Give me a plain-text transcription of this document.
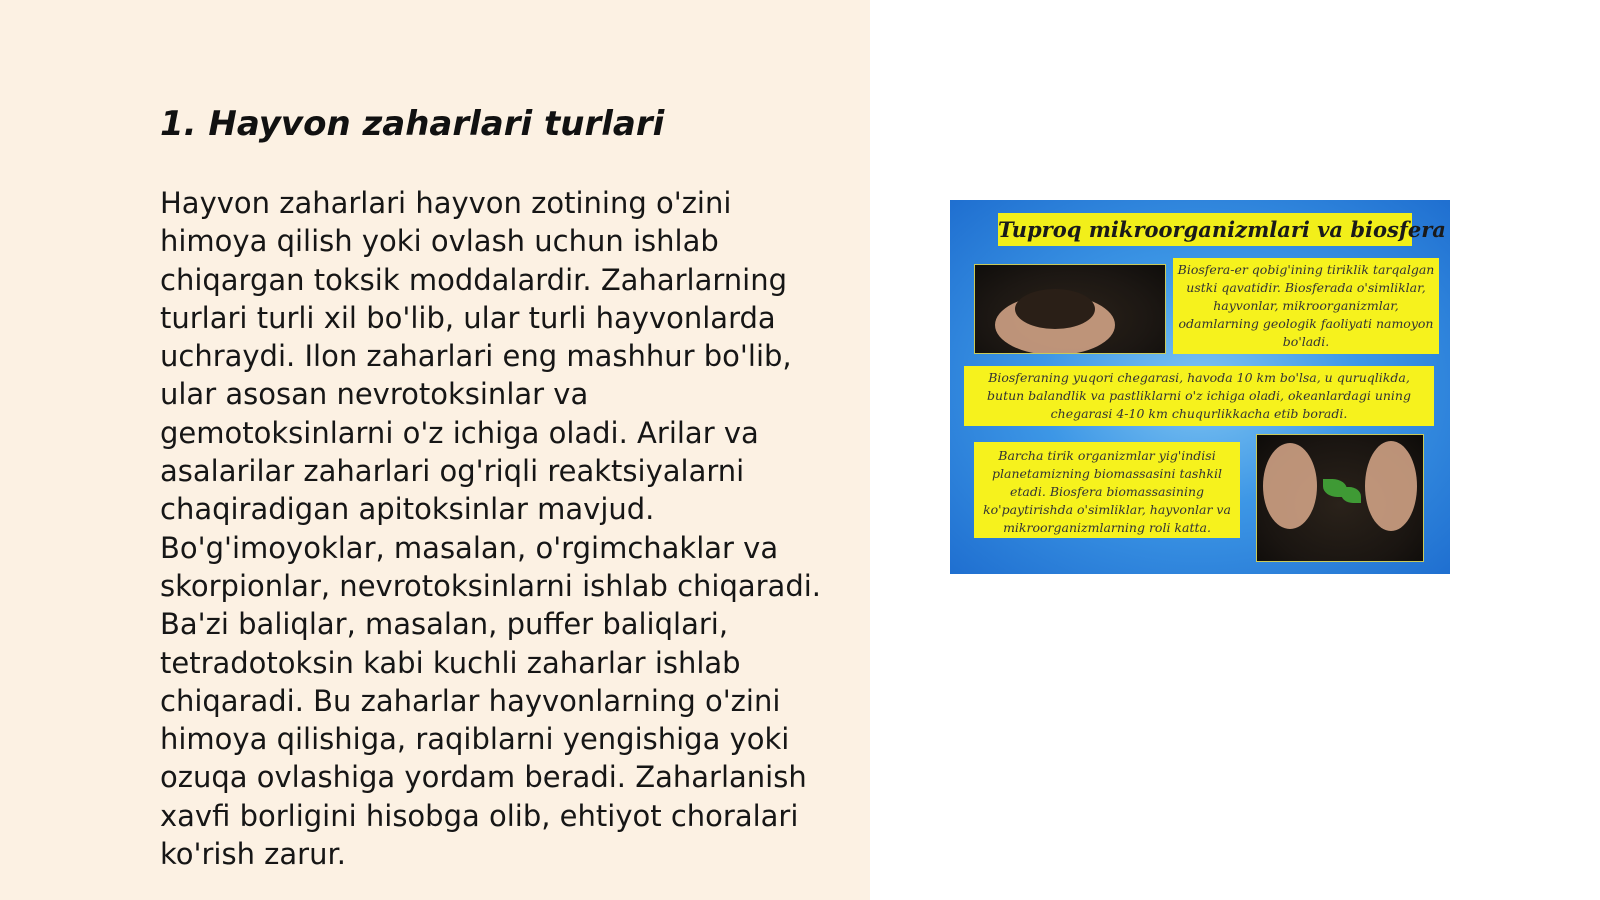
1. Hayvon zaharlari turlari

Hayvon zaharlari hayvon zotining o'zini himoya qilish yoki ovlash uchun ishlab chiqargan toksik moddalardir. Zaharlarning turlari turli xil bo'lib, ular turli hayvonlarda uchraydi. Ilon zaharlari eng mashhur bo'lib, ular asosan nevrotoksinlar va gemotoksinlarni o'z ichiga oladi. Arilar va asalarilar zaharlari og'riqli reaktsiyalarni chaqiradigan apitoksinlar mavjud. Bo'g'imoyoklar, masalan, o'rgimchaklar va skorpionlar, nevrotoksinlarni ishlab chiqaradi. Ba'zi baliqlar, masalan, puffer baliqlari, tetradotoksin kabi kuchli zaharlar ishlab chiqaradi. Bu zaharlar hayvonlarning o'zini himoya qilishiga, raqiblarni yengishiga yoki ozuqa ovlashiga yordam beradi. Zaharlanish xavfi borligini hisobga olib, ehtiyot choralari ko'rish zarur.

Tuproq mikroorganizmlari va biosfera
Biosfera-er qobig'ining tiriklik tarqalgan ustki qavatidir. Biosferada o'simliklar, hayvonlar, mikroorganizmlar, odamlarning geologik faoliyati namoyon bo'ladi.
Biosferaning yuqori chegarasi, havoda 10 km bo'lsa, u quruqlikda, butun balandlik va pastliklarni o'z ichiga oladi, okeanlardagi uning chegarasi 4-10 km chuqurlikkacha etib boradi.
Barcha tirik organizmlar yig'indisi planetamizning biomassasini tashkil etadi. Biosfera biomassasining ko'paytirishda o'simliklar, hayvonlar va mikroorganizmlarning roli katta.
